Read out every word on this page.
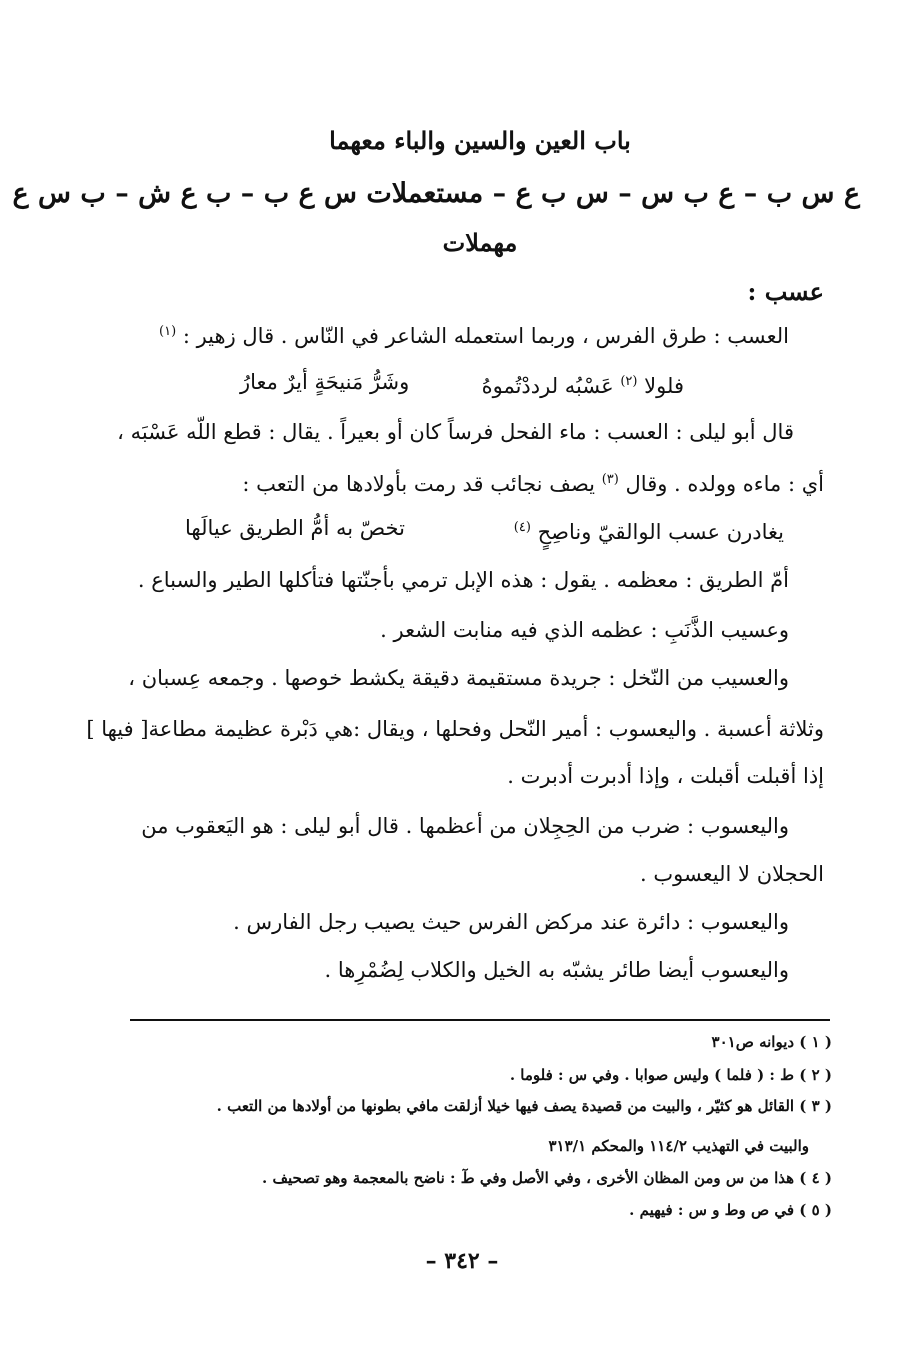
باب العين والسين والباء معهما
ع س ب – ع ب س – س ب ع – مستعملات س ع ب – ب ع ش – ب س ع
مهملات
عسب :
العسب : طرق الفرس ، وربما استعمله الشاعر في النّاس . قال زهير : $^{(١)}$
فلولا $^{(٢)}$ عَسْبُه لرددْتُموهُ
وشَرُّ مَنيحَةٍ أيرٌ معارُ
قال أبو ليلى : العسب : ماء الفحل فرساً كان أو بعيراً . يقال : قطع اللّه عَسْبَه ،
أي : ماءه وولده . وقال $^{(٣)}$ يصف نجائب قد رمت بأولادها من التعب :
يغادرن عسب الوالقيّ وناصِحٍ $^{(٤)}$
تخصّ به أمُّ الطريق عيالَها
أمّ الطريق : معظمه . يقول : هذه الإبل ترمي بأجنّتها فتأكلها الطير والسباع .
وعسيب الذَّنَبِ : عظمه الذي فيه منابت الشعر .
والعسيب من النّخل : جريدة مستقيمة دقيقة يكشط خوصها . وجمعه عِسبان ،
وثلاثة أعسبة . واليعسوب : أمير النّحل وفحلها ، ويقال :هي دَبْرة عظيمة مطاعة[ فيها ]
إذا أقبلت أقبلت ، وإذا أدبرت أدبرت .
واليعسوب : ضرب من الحِجِلان من أعظمها . قال أبو ليلى : هو اليَعقوب من
الحجلان لا اليعسوب .
واليعسوب : دائرة عند مركض الفرس حيث يصيب رجل الفارس .
واليعسوب أيضا طائر يشبّه به الخيل والكلاب لِضُمْرِها .
( ١ ) ديوانه ص٣٠١
( ٢ ) ط : ( فلما ) وليس صوابا . وفي س : فلوما .
( ٣ ) القائل هو كثيّر ، والبيت من قصيدة يصف فيها خيلا أزلقت مافي بطونها من أولادها من التعب .
والبيت في التهذيب ١١٤/٢ والمحكم ٣١٣/١
( ٤ ) هذا من س ومن المظان الأخرى ، وفي الأصل وفي طٓ : ناضح بالمعجمة وهو تصحيف .
( ٥ ) في ص وط و س : فيهيم .
– ٣٤٢ –
